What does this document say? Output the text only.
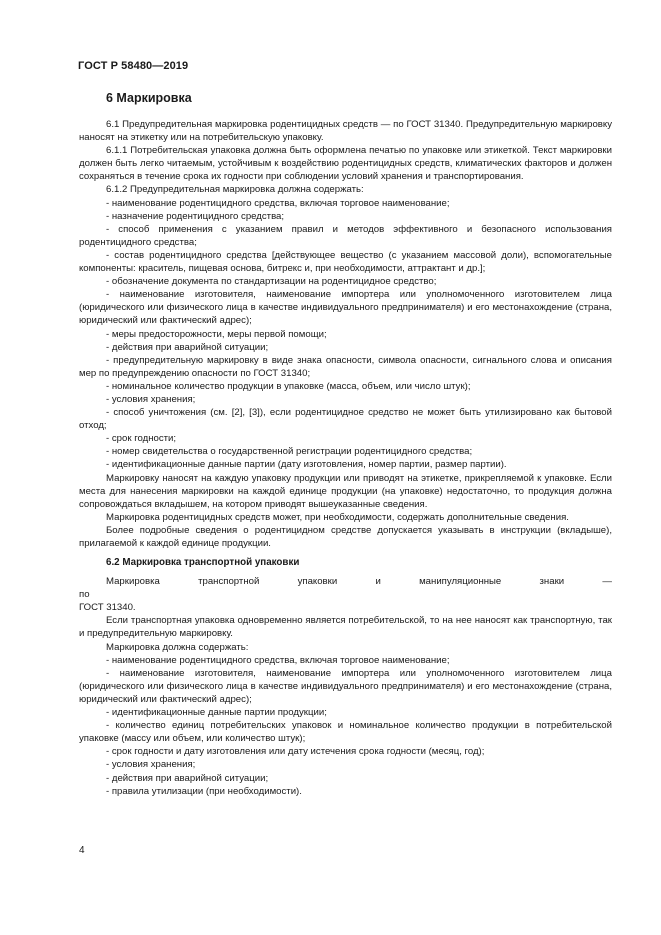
ГОСТ Р 58480—2019
6 Маркировка

6.1 Предупредительная маркировка родентицидных средств — по ГОСТ 31340. Предупредительную маркировку наносят на этикетку или на потребительскую упаковку.

6.1.1 Потребительская упаковка должна быть оформлена печатью по упаковке или этикеткой. Текст маркировки должен быть легко читаемым, устойчивым к воздействию родентицидных средств, климатических факторов и должен сохраняться в течение срока их годности при соблюдении условий хранения и транспортирования.

6.1.2 Предупредительная маркировка должна содержать:

- наименование родентицидного средства, включая торговое наименование;

- назначение родентицидного средства;

- способ применения с указанием правил и методов эффективного и безопасного использования родентицидного средства;

- состав родентицидного средства [действующее вещество (с указанием массовой доли), вспомогательные компоненты: краситель, пищевая основа, битрекс и, при необходимости, аттрактант и др.];

- обозначение документа по стандартизации на родентицидное средство;

- наименование изготовителя, наименование импортера или уполномоченного изготовителем лица (юридического или физического лица в качестве индивидуального предпринимателя) и его местонахождение (страна, юридический или фактический адрес);

- меры предосторожности, меры первой помощи;

- действия при аварийной ситуации;

- предупредительную маркировку в виде знака опасности, символа опасности, сигнального слова и описания мер по предупреждению опасности по ГОСТ 31340;

- номинальное количество продукции в упаковке (масса, объем, или число штук);

- условия хранения;

- способ уничтожения (см. [2], [3]), если родентицидное средство не может быть утилизировано как бытовой отход;

- срок годности;

- номер свидетельства о государственной регистрации родентицидного средства;

- идентификационные данные партии (дату изготовления, номер партии, размер партии).

Маркировку наносят на каждую упаковку продукции или приводят на этикетке, прикрепляемой к упаковке. Если места для нанесения маркировки на каждой единице продукции (на упаковке) недостаточно, то продукция должна сопровождаться вкладышем, на котором приводят вышеуказанные сведения.

Маркировка родентицидных средств может, при необходимости, содержать дополнительные сведения.

Более подробные сведения о родентицидном средстве допускается указывать в инструкции (вкладыше), прилагаемой к каждой единице продукции.

6.2 Маркировка транспортной упаковки

Маркировка транспортной упаковки и манипуляционные знаки — по

ГОСТ 31340.

Если транспортная упаковка одновременно является потребительской, то на нее наносят как транспортную, так и предупредительную маркировку.

Маркировка должна содержать:

- наименование родентицидного средства, включая торговое наименование;

- наименование изготовителя, наименование импортера или уполномоченного изготовителем лица (юридического или физического лица в качестве индивидуального предпринимателя) и его местонахождение (страна, юридический или фактический адрес);

- идентификационные данные партии продукции;

- количество единиц потребительских упаковок и номинальное количество продукции в потребительской упаковке (массу или объем, или количество штук);

- срок годности и дату изготовления или дату истечения срока годности (месяц, год);

- условия хранения;

- действия при аварийной ситуации;

- правила утилизации (при необходимости).

4
